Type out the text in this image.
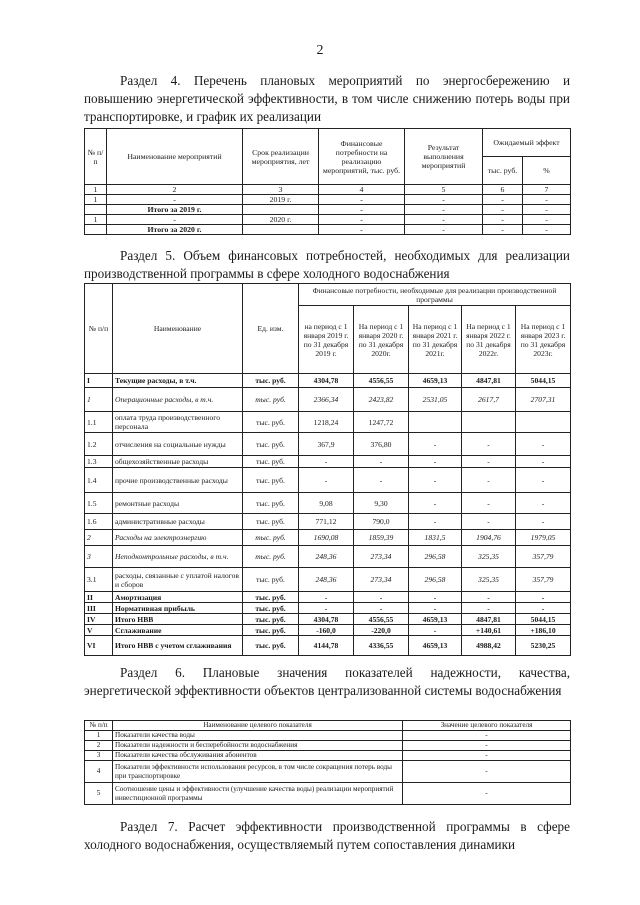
2
Раздел 4. Перечень плановых мероприятий по энергосбережению и повышению энергетической эффективности, в том числе снижению потерь воды при транспортировке, и график их реализации
№ п/п	Наименование мероприятий	Срок реализации мероприятия, лет	Финансовые потребности на реализацию мероприятий, тыс. руб.	Результат выполнения мероприятий	Ожидаемый эффект	
					тыс. руб.	%
1	2	3	4	5	6	7
1	-	2019 г.	-	-	-	-
	Итого за 2019 г.		-	-	-	-
1	-	2020 г.	-	-	-	-
	Итого за 2020 г.		-	-	-	-
Раздел 5. Объем финансовых потребностей, необходимых для реализации производственной программы в сфере холодного водоснабжения
№ п/п	Наименование	Ед. изм.	Финансовые потребности, необходимые для реализации производственной программы				
			на период с 1 января 2019 г. по 31 декабря 2019 г.	На период с 1 января 2020 г. по 31 декабря 2020г.	На период с 1 января 2021 г. по 31 декабря 2021г.	На период с 1 января 2022 г. по 31 декабря 2022г.	На период с 1 января 2023 г. по 31 декабря 2023г.
I	Текущие расходы, в т.ч.	тыс. руб.	4304,78	4556,55	4659,13	4847,81	5044,15
1	Операционные расходы, в т.ч.	тыс. руб.	2366,34	2423,82	2531,05	2617,7	2707,31
1.1	оплата труда производственного персонала	тыс. руб.	1218,24	1247,72			
1.2	отчисления на социальные нужды	тыс. руб.	367,9	376,80	-	-	-
1.3	общехозяйственные расходы	тыс. руб.	-	-	-	-	-
1.4	прочие производственные расходы	тыс. руб.	-	-	-	-	-
1.5	ремонтные расходы	тыс. руб.	9,08	9,30	-	-	-
1.6	административные расходы	тыс. руб.	771,12	790,0	-	-	-
2	Расходы на электроэнергию	тыс. руб.	1690,08	1859,39	1831,5	1904,76	1979,05
3	Неподконтрольные расходы, в т.ч.	тыс. руб.	248,36	273,34	296,58	325,35	357,79
3.1	расходы, связанные с уплатой налогов и сборов	тыс. руб.	248,36	273,34	296,58	325,35	357,79
II	Амортизация	тыс. руб.	-	-	-	-	-
III	Нормативная прибыль	тыс. руб.	-	-	-	-	-
IV	Итого НВВ	тыс. руб.	4304,78	4556,55	4659,13	4847,81	5044,15
V	Сглаживание	тыс. руб.	-160,0	-220,0	-	+140,61	+186,10
VI	Итого НВВ с учетом сглаживания	тыс. руб.	4144,78	4336,55	4659,13	4988,42	5230,25
Раздел 6. Плановые значения показателей надежности, качества, энергетической эффективности объектов централизованной системы водоснабжения
№ п/п	Наименование целевого показателя	Значение целевого показателя
1	Показатели качества воды	-
2	Показатели надежности и бесперебойности водоснабжения	-
3	Показатели качества обслуживания абонентов	-
4	Показатели эффективности использования ресурсов, в том числе сокращения потерь воды при транспортировке	-
5	Соотношение цены и эффективности (улучшение качества воды) реализации мероприятий инвестиционной программы	-
Раздел 7. Расчет эффективности производственной программы в сфере холодного водоснабжения, осуществляемый путем сопоставления динамики
